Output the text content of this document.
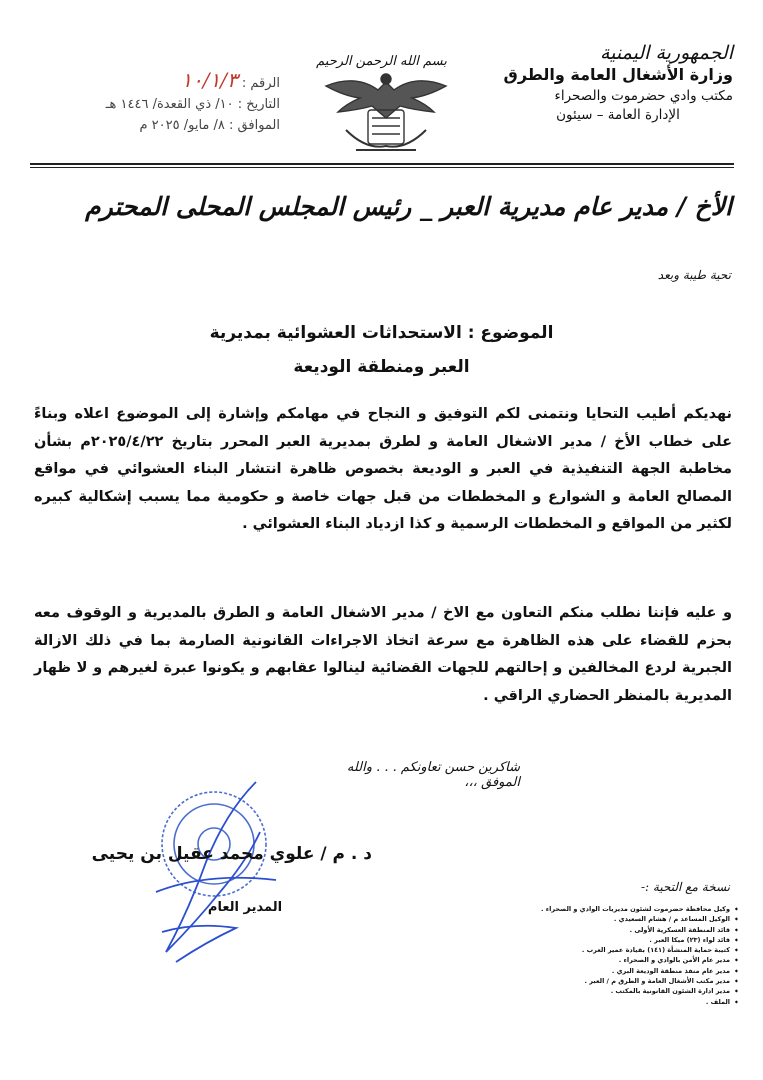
الجمهورية اليمنية
وزارة الأشغال العامة والطرق
مكتب وادي حضرموت والصحراء
الإدارة العامة – سيئون
بسم الله الرحمن الرحيم
الرقم : ١٠/١/٣
التاريخ : ١٠/ ذي القعدة/ ١٤٤٦ هـ
الموافق : ٨/ مايو/ ٢٠٢٥ م
الأخ / مدير عام مديرية العبر _ رئيس المجلس المحلى المحترم
تحية طيبة وبعد
الموضوع : الاستحداثات العشوائية بمديرية
العبر ومنطقة الوديعة
نهديكم أطيب التحايا ونتمنى لكم التوفيق و النجاح في مهامكم وإشارة إلى الموضوع اعلاه وبناءً على خطاب الأخ / مدير الاشغال العامة و لطرق بمديرية العبر المحرر بتاريخ ٢٠٢٥/٤/٢٢م بشأن مخاطبة الجهة التنفيذية في العبر و الوديعة بخصوص ظاهرة انتشار البناء العشوائي في مواقع المصالح العامة و الشوارع و المخططات من قبل جهات خاصة و حكومية مما يسبب إشكالية كبيره لكثير من المواقع و المخططات الرسمية و كذا ازدياد البناء العشوائي .
و عليه فإننا نطلب منكم التعاون مع الاخ / مدير الاشغال العامة و الطرق بالمديرية و الوقوف معه بحزم للقضاء على هذه الظاهرة مع سرعة اتخاذ الاجراءات القانونية الصارمة بما في ذلك الازالة الجبرية لردع المخالفين و إحالتهم للجهات القضائية لينالوا عقابهم و يكونوا عبرة لغيرهم و لا ظهار المديرية بالمنظر الحضاري الراقي .
شاكرين حسن تعاونكم . . . والله الموفق ،،،
د . م / علوي محمد عقيل بن يحيى
المدير العام
نسخة مع التحية :-
◆ وكيل محافظة حضرموت لشئون مديريات الوادي و الصحراء .
◆ الوكيل المساعد م / هشام السعيدي .
◆ قائد المنطقة العسكرية الأولى .
◆ قائد لواء (٢٣) ميكا العبر .
◆ كتيبة حماية المنشأة (١٤١) بقيادة عمير العرب .
◆ مدير عام الأمن بالوادي و الصحراء .
◆ مدير عام منفذ منطقة الوديعة البري .
◆ مدير مكتب الأشغال العامة و الطرق م / العبر .
◆ مدير ادارة الشئون القانونية بالمكتب .
◆ الملف .
